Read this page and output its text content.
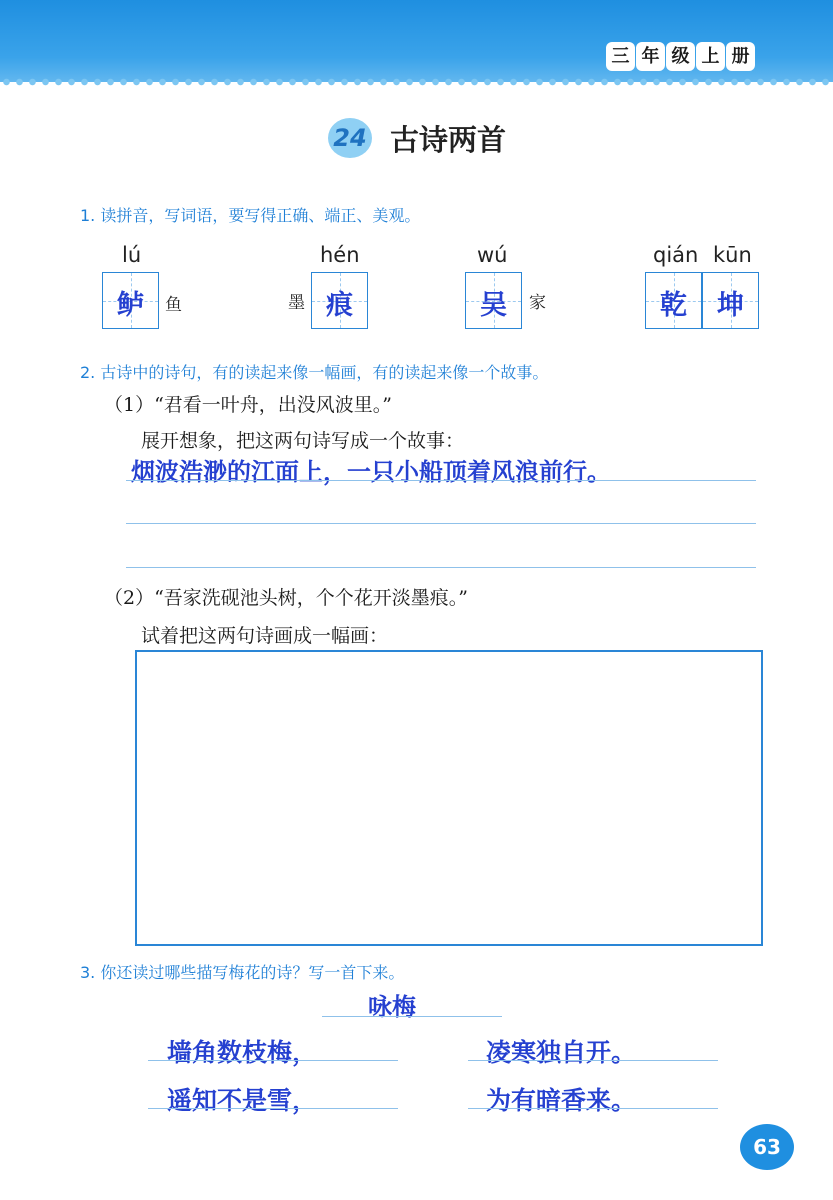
三 年 级 上 册
24 古诗两首
1. 读拼音，写词语，要写得正确、端正、美观。
lú
鲈	鱼
hén
墨 痕
wú
吴	家
qián kūn
乾	坤
2. 古诗中的诗句，有的读起来像一幅画，有的读起来像一个故事。
（1）“君看一叶舟，出没风波里。”
展开想象，把这两句诗写成一个故事：
烟波浩渺的江面上，一只小船顶着风浪前行。
（2）“吾家洗砚池头树，个个花开淡墨痕。”
试着把这两句诗画成一幅画：
3. 你还读过哪些描写梅花的诗？写一首下来。
咏梅
墙角数枝梅，	凌寒独自开。
遥知不是雪，	为有暗香来。
63
